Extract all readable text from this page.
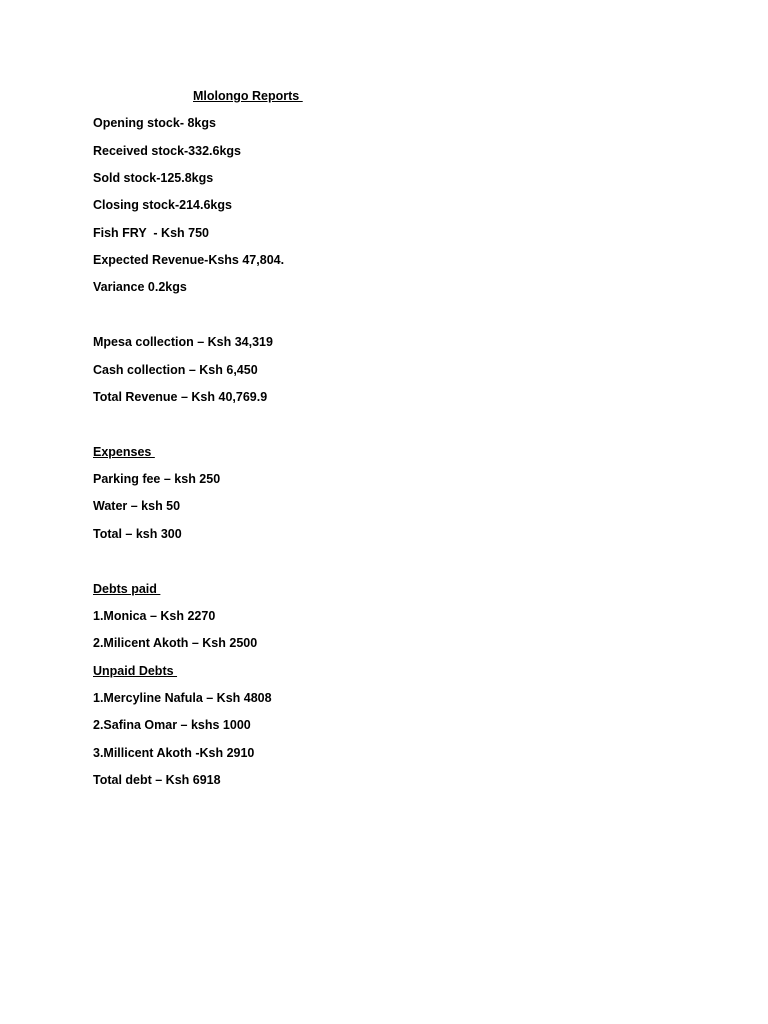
Mlolongo Reports
Opening stock- 8kgs
Received stock-332.6kgs
Sold stock-125.8kgs
Closing stock-214.6kgs
Fish FRY  - Ksh 750
Expected Revenue-Kshs 47,804.
Variance 0.2kgs
Mpesa collection – Ksh 34,319
Cash collection – Ksh 6,450
Total Revenue – Ksh 40,769.9
Expenses
Parking fee – ksh 250
Water – ksh 50
Total – ksh 300
Debts paid
1.Monica – Ksh 2270
2.Milicent Akoth – Ksh 2500
Unpaid Debts
1.Mercyline Nafula – Ksh 4808
2.Safina Omar – kshs 1000
3.Millicent Akoth -Ksh 2910
Total debt – Ksh 6918
